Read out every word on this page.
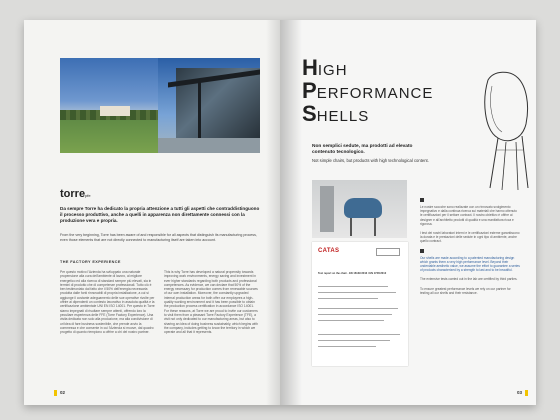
torrepfe
Da sempre Torre ha dedicato la propria attenzione a tutti gli aspetti che contraddistinguono il processo produttivo, anche a quelli in apparenza non direttamente connessi con la produzione vera e propria.
From the very beginning, Torre has been aware of and responsible for all aspects that distinguish its manufacturing process, even those elements that are not directly connected to manufacturing itself are taken into account.
THE FACTORY EXPERIENCE
Per questo motivo l'Azienda ha sviluppato una naturale propensione alla cura dell'ambiente di lavoro, al migliore energetico ed alla ricerca di standard sempre più elevati, sia in termini di prodotto che di competenze professionali. Tutto ciò è ben testimoniato dal fatto che il 50% dell'energia necessaria prodotta dalle fonti rinnovabili di propria installazione, a cui si aggiunge il costante adeguamento delle sue operative rivolte per offrire ai dipendenti un contesto lavorativo in assoluta qualità e la certificazione ambientale UNI EN ISO 14001. Per questo in Torre siamo impegnati di risultare sempre attenti, offrendo loro la peculiare esperienza delle FFE (Torre Factory Experience). Una visita dedicata non solo alla produzione, ma alla condivisione di un'idea di fare business sostenibile, che prende avvio la commessa e che consente in cui l'Azienda si muove, dal quadro progetto di quanto riempiono a offrire a chi del nostro partner.
This is why Torre has developed a natural propensity towards improving work environments, energy saving and investment in ever higher standards regarding both products and professional competences. As evidence, we can declare that 50% of the energy necessary for production comes from renewable sources of our own installation. Moreover, the constantly upgraded internal production areas for both offer our employees a high-quality working environment and it has been possible to obtain the production process certification in accordance ISO 14001. For these reasons, at Torre we are proud to invite our customers to visit them from a pleasant Torre Factory Experience (TFE), a visit not only dedicated to our manufacturing areas, but also to sharing an idea of doing business sustainably, which begins with the company, includes getting to know the territory in which we operate and all that it represents.
02
HIGH
PERFORMANCE
SHELLS
Non semplici sedute, ma prodotti ad elevato contenuto tecnologico.
Not simple chairs, but products with high technological content.
CATAS
Test report on the chair - EN 16139:2013 / EN 1728:2012
Le nostre scocche sono realizzate con un rinnovato svolgimento impegnativo e dalla continua ricerca sui materiali che hanno ottenuto le certificazioni per il settore contract. Il nostro obiettivo è offrire ai designer e all'architetto prodotti di qualità e una manifattura ricca e rigorosa.
I test dei nostri laboratori interni e le certificazioni esterne garantiscono la durata e le prestazioni delle sedute in ogni tipo di ambiente, anche quello contract.
Our shells are made according to a patented manufacturing design which grants them a very high performance level. Beyond their undeniable aesthetic value, we assume the effort to guarantee a series of products characterized by a strength to last and to be beautiful.
The extensive tests carried out in the lab are certified by third parties.
To ensure greatest performance levels we rely on our partner for testing all our shells and their resistance.
03
